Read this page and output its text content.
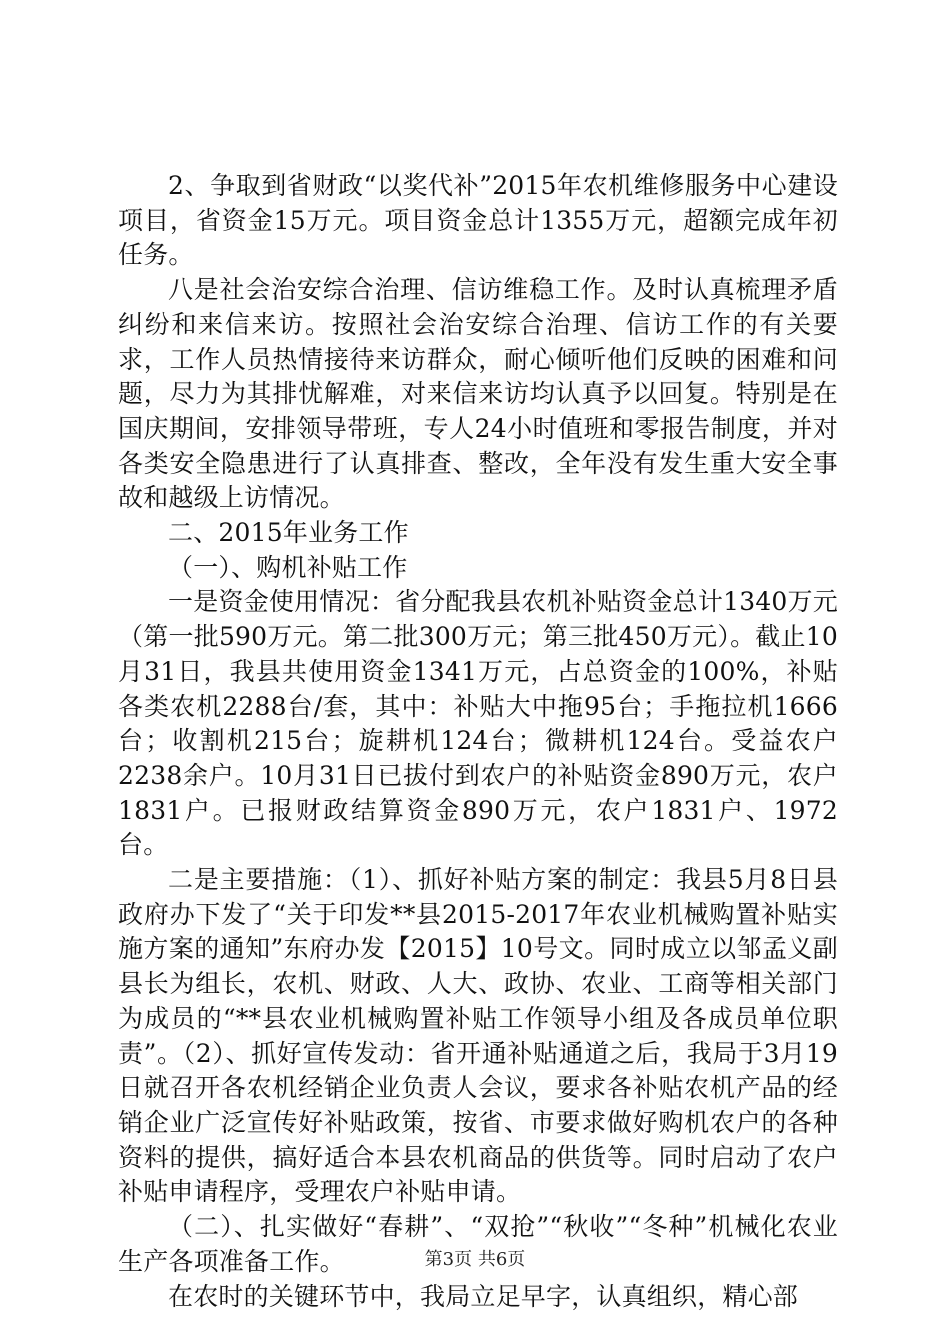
2、争取到省财政“以奖代补”2015年农机维修服务中心建设项目，省资金15万元。项目资金总计1355万元，超额完成年初任务。

八是社会治安综合治理、信访维稳工作。及时认真梳理矛盾纠纷和来信来访。按照社会治安综合治理、信访工作的有关要求，工作人员热情接待来访群众，耐心倾听他们反映的困难和问题，尽力为其排忧解难，对来信来访均认真予以回复。特别是在国庆期间，安排领导带班，专人24小时值班和零报告制度，并对各类安全隐患进行了认真排查、整改，全年没有发生重大安全事故和越级上访情况。

二、2015年业务工作

（一）、购机补贴工作

一是资金使用情况：省分配我县农机补贴资金总计1340万元（第一批590万元。第二批300万元；第三批450万元）。截止10月31日，我县共使用资金1341万元，占总资金的100%，补贴各类农机2288台/套，其中：补贴大中拖95台；手拖拉机1666台；收割机215台；旋耕机124台；微耕机124台。受益农户2238余户。10月31日已拔付到农户的补贴资金890万元，农户1831户。已报财政结算资金890万元，农户1831户、1972台。

二是主要措施：（1）、抓好补贴方案的制定：我县5月8日县政府办下发了“关于印发**县2015-2017年农业机械购置补贴实施方案的通知”东府办发【2015】10号文。同时成立以邹孟义副县长为组长，农机、财政、人大、政协、农业、工商等相关部门为成员的“**县农业机械购置补贴工作领导小组及各成员单位职责”。（2）、抓好宣传发动：省开通补贴通道之后，我局于3月19日就召开各农机经销企业负责人会议，要求各补贴农机产品的经销企业广泛宣传好补贴政策，按省、市要求做好购机农户的各种资料的提供，搞好适合本县农机商品的供货等。同时启动了农户补贴申请程序，受理农户补贴申请。

（二）、扎实做好“春耕”、“双抢”“秋收”“冬种”机械化农业生产各项准备工作。

在农时的关键环节中，我局立足早字，认真组织，精心部

第3页 共6页
